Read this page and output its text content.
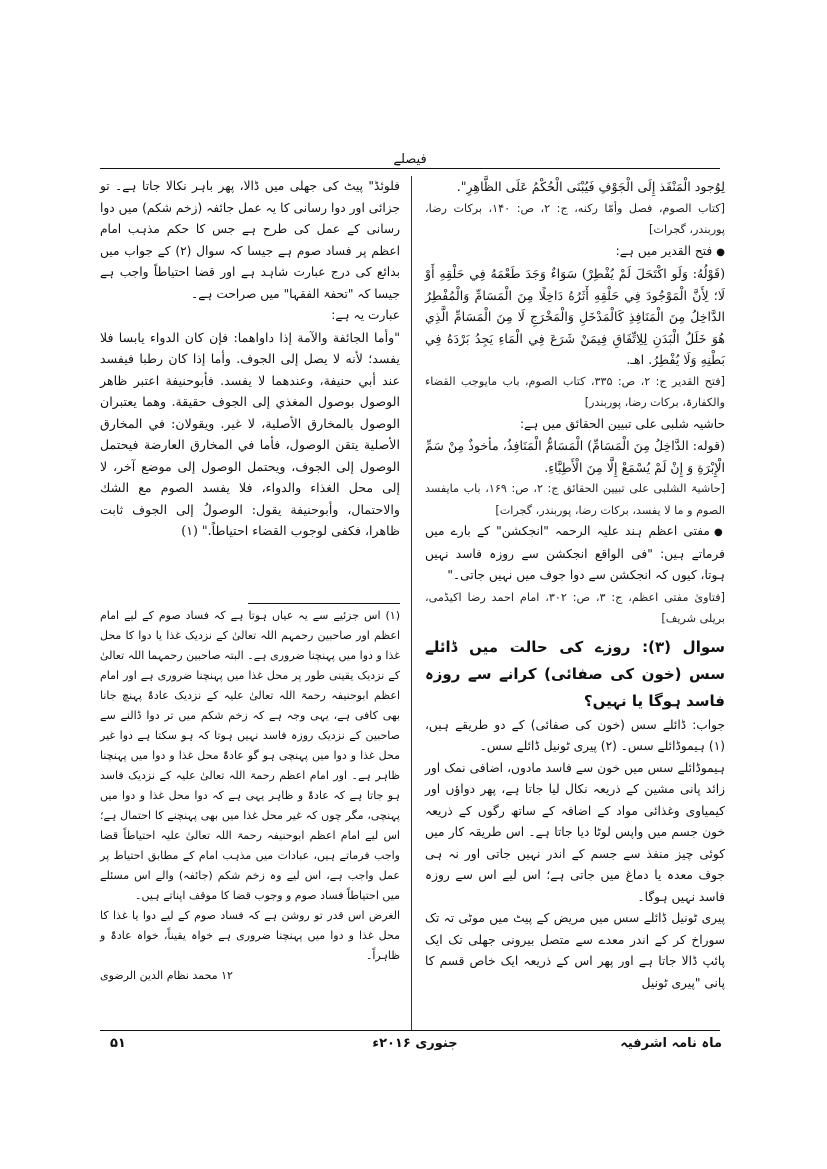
فیصلے

لِوُجود الْمَنْفَذ إِلَى الْجَوْفِ فَيُبْنَى الْحُكْمُ عَلَى الظَّاهِرِ".

[کتاب الصوم، فصل وأمّا ركنه، ج: ۲، ص: ۱۴۰، برکات رضا، پوربندر، گجرات]

● فتح القدیر میں ہے:

(قَوْلُهُ: وَلَو اكْتَحَلَ لَمْ يُفْطِرْ) سَوَاءٌ وَجَدَ طَعْمَهُ فِي حَلْقِهِ أَوْ لَا؛ لِأَنَّ الْمَوْجُودَ فِي حَلْقِهِ أَثَرُهُ دَاخِلًا مِنَ الْمَسَامِّ وَالْمُفْطِرُ الدَّاخِلُ مِنَ الْمَنَافِذِ كَالْمَدْخَلِ وَالْمَخْرَجِ لَا مِنَ الْمَسَامِّ الَّذِي هُوَ خَلَلُ الْبَدَنِ لِلِاتِّفَاقِ فِيمَنْ شَرَعَ فِي الْمَاءِ يَجِدُ بَرْدَهُ فِي بَطْنِهِ وَلَا يُفْطِرُ. اهـ.

[فتح القدیر ج: ۲، ص: ۳۳۵، کتاب الصوم، باب مایوجب القضاء والکفارۃ، برکات رضا، پوربندر]

حاشیہ شلبی علی تبیین الحقائق میں ہے:

(قوله: الدَّاخِلُ مِنَ الْمَسَامِّ) الْمَسَامُّ الْمَنَافِذُ، مأخوذٌ مِنْ سَمِّ الْإِبْرَةِ وَ إِنْ لَمْ يُسْمَعْ إِلَّا مِنَ الْأَطِبَّاءِ.

[حاشیۃ الشلبی علی تبیین الحقائق ج: ۲، ص: ۱۶۹، باب مایفسد الصوم و ما لا یفسد، برکات رضا، پوربندر، گجرات]

● مفتی اعظم ہند علیہ الرحمہ "انجکشن" کے بارے میں فرماتے ہیں: "فی الواقع انجکشن سے روزہ فاسد نہیں ہوتا، کیوں کہ انجکشن سے دوا جوف میں نہیں جاتی۔"

[فتاویٰ مفتی اعظم، ج: ۳، ص: ۳۰۲، امام احمد رضا اکیڈمی، بریلی شریف]

سوال (۳): روزے کی حالت میں ڈائلے سس (خون کی صفائی) کرانے سے روزہ فاسد ہوگا یا نہیں؟

جواب: ڈائلے سس (خون کی صفائی) کے دو طریقے ہیں، (۱) ہیموڈائلے سس۔ (۲) پیری ٹونیل ڈائلے سس۔

ہیموڈائلے سس میں خون سے فاسد مادوں، اضافی نمک اور زائد پانی مشین کے ذریعہ نکال لیا جاتا ہے، پھر دواؤں اور کیمیاوی وغذائی مواد کے اضافہ کے ساتھ رگوں کے ذریعہ خون جسم میں واپس لوٹا دیا جاتا ہے۔ اس طریقہ کار میں کوئی چیز منفذ سے جسم کے اندر نہیں جاتی اور نہ ہی جوف معدہ یا دماغ میں جاتی ہے؛ اس لیے اس سے روزہ فاسد نہیں ہوگا۔

پیری ٹونیل ڈائلے سس میں مریض کے پیٹ میں موٹی تہ تک سوراخ کر کے اندر معدے سے متصل بیرونی جھلی تک ایک پائپ ڈالا جاتا ہے اور پھر اس کے ذریعہ ایک خاص قسم کا پانی "پیری ٹونیل

فلوئڈ" پیٹ کی جھلی میں ڈالا، پھر باہر نکالا جاتا ہے۔ تو جزائی اور دوا رسانی کا یہ عمل جائفہ (زخم شکم) میں دوا رسانی کے عمل کی طرح ہے جس کا حکم مذہب امام اعظم پر فساد صوم ہے جیسا کہ سوال (۲) کے جواب میں بدائع کی درج عبارت شاہد ہے اور قضا احتیاطاً واجب ہے جیسا کہ "تحفۃ الفقہا" میں صراحت ہے۔

عبارت یہ ہے:

"وأما الجائفة والآمة إذا داواهما: فإن كان الدواء يابسا فلا يفسد؛ لأنه لا يصل إلى الجوف. وأما إذا كان رطبا فيفسد عند أبي حنيفة، وعندهما لا يفسد. فأبوحنيفة اعتبر ظاهر الوصول بوصول المغذي إلى الجوف حقيقة. وهما يعتبران الوصول بالمخارق الأصلية، لا غير. ويقولان: في المخارق الأصلية يتقن الوصول، فأما في المخارق العارضة فيحتمل الوصول إلى الجوف، ويحتمل الوصول إلى موضع آخر، لا إلى محل الغذاء والدواء، فلا يفسد الصوم مع الشك والاحتمال، وأبوحنيفة يقول: الوصولُ إلى الجوف ثابت ظاهرا، فكفى لوجوب القضاء احتياطاً." (۱)

(۱) اس جزئیے سے یہ عیاں ہوتا ہے کہ فساد صوم کے لیے امام اعظم اور صاحبین رحمہم اللہ تعالیٰ کے نزدیک غذا یا دوا کا محل غذا و دوا میں پہنچنا ضروری ہے۔ البتہ صاحبین رحمہما اللہ تعالیٰ کے نزدیک یقینی طور پر محل غذا میں پہنچنا ضروری ہے اور امام اعظم ابوحنیفہ رحمۃ اللہ تعالیٰ علیہ کے نزدیک عادۃً پہنچ جانا بھی کافی ہے، یہی وجہ ہے کہ زخم شکم میں تر دوا ڈالنے سے صاحبین کے نزدیک روزہ فاسد نہیں ہوتا کہ ہو سکتا ہے دوا غیر محل غذا و دوا میں پہنچی ہو گو عادۃً محل غذا و دوا میں پہنچنا ظاہر ہے۔ اور امام اعظم رحمۃ اللہ تعالیٰ علیہ کے نزدیک فاسد ہو جاتا ہے کہ عادۃً و ظاہر یہی ہے کہ دوا محل غذا و دوا میں پہنچی، مگر چوں کہ غیر محل غذا میں بھی پہنچنے کا احتمال ہے؛ اس لیے امام اعظم ابوحنیفہ رحمۃ اللہ تعالیٰ علیہ احتیاطاً قضا واجب فرماتے ہیں، عبادات میں مذہب امام کے مطابق احتیاط پر عمل واجب ہے، اس لیے وہ زخم شکم (جائفہ) والے اس مسئلے میں احتیاطاً فساد صوم و وجوب قضا کا موقف اپناتے ہیں۔

الغرض اس قدر تو روشن ہے کہ فساد صوم کے لیے دوا یا غذا کا محل غذا و دوا میں پہنچنا ضروری ہے خواہ یقیناً، خواہ عادۃً و ظاہراً۔

۱۲ محمد نظام الدین الرضوی

ماہ نامہ اشرفیہ
جنوری ۲۰۱۶ء
۵۱
